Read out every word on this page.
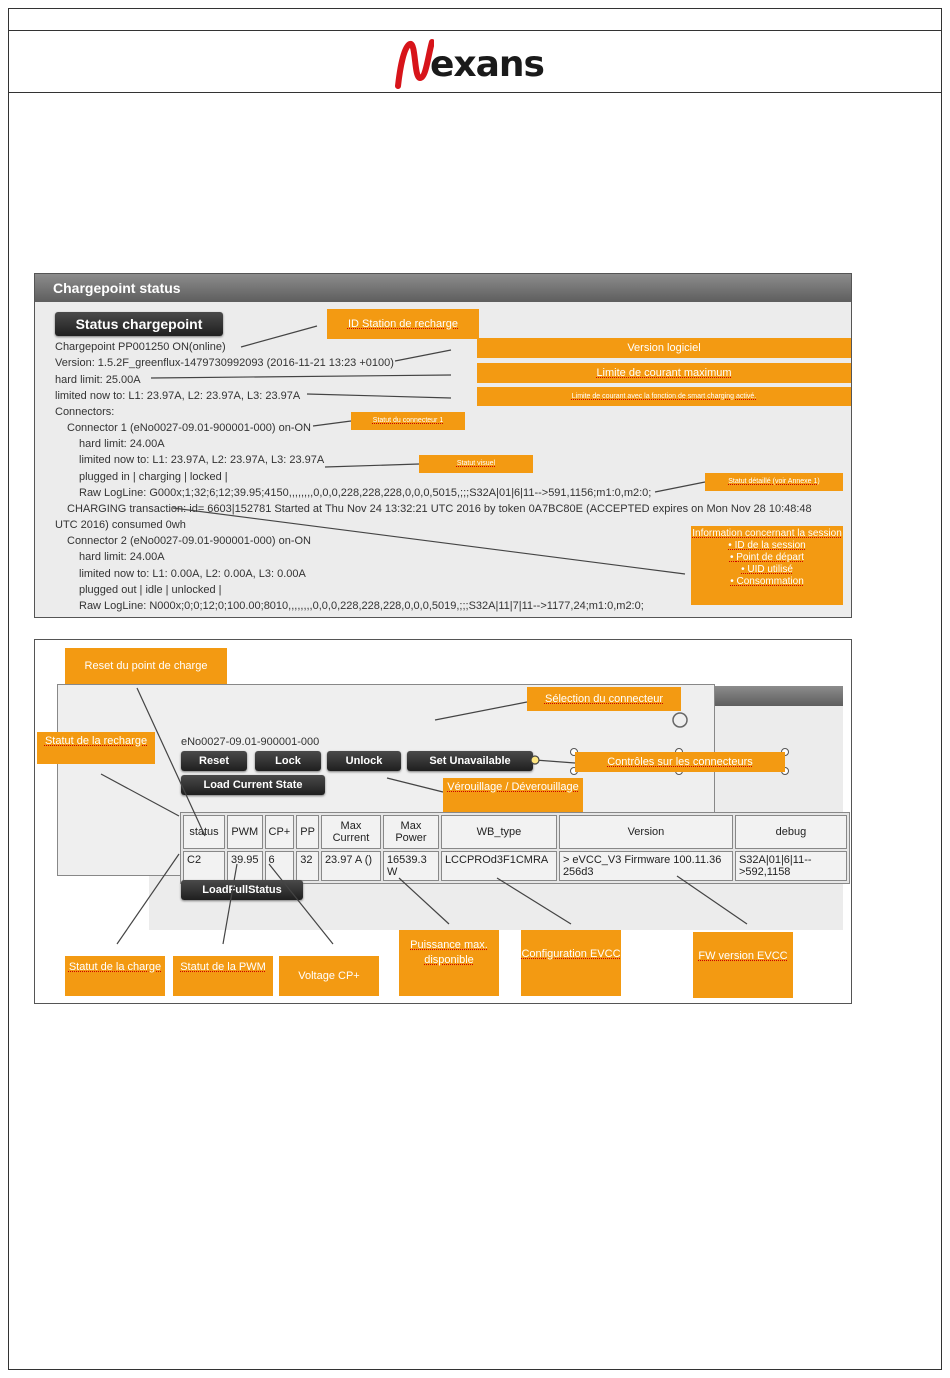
exans
Chargepoint status
Status chargepoint
Chargepoint PP001250 ON(online)
Version: 1.5.2F_greenflux-1479730992093 (2016-11-21 13:23 +0100)
hard limit: 25.00A
limited now to: L1: 23.97A, L2: 23.97A, L3: 23.97A
Connectors:
Connector 1 (eNo0027-09.01-900001-000) on-ON
hard limit: 24.00A
limited now to: L1: 23.97A, L2: 23.97A, L3: 23.97A
plugged in | charging | locked |
Raw LogLine: G000x;1;32;6;12;39.95;4150,,,,,,,,0,0,0,228,228,228,0,0,0,5015,;;;S32A|01|6|11-->591,1156;m1:0,m2:0;
CHARGING transaction: id= 6603|152781 Started at Thu Nov 24 13:32:21 UTC 2016 by token 0A7BC80E (ACCEPTED expires on Mon Nov 28 10:48:48
UTC 2016) consumed 0wh
Connector 2 (eNo0027-09.01-900001-000) on-ON
hard limit: 24.00A
limited now to: L1: 0.00A, L2: 0.00A, L3: 0.00A
plugged out | idle | unlocked |
Raw LogLine: N000x;0;0;12;0;100.00;8010,,,,,,,,0,0,0,228,228,228,0,0,0,5019,;;;S32A|11|7|11-->1177,24;m1:0,m2:0;
ID Station de recharge
Version logiciel
Limite de courant maximum
Limite de courant avec la fonction de smart charging activé.
Statut du connecteur 1
Statut visuel
Statut détaillé (voir Annexe 1)
Information concernant la session
• ID de la session
• Point de départ
• UID utilisé
• Consommation
eNo0027-09.01-900001-000
Reset	Lock	Unlock	Set Unavailable
Load Current State
status	PWM	CP+	PP	Max Current	Max Power	WB_type	Version	debug
C2	39.95	6	32	23.97 A ()	16539.3 W	LCCPROd3F1CMRA	> eVCC_V3 Firmware 100.11.36 256d3	S32A|01|6|11-->592,1158
LoadFullStatus
Reset du point de charge
Sélection du connecteur
Statut de la recharge
Contrôles sur les connecteurs
Vérouillage / Déverouillage
Statut de la charge	Statut de la PWM
Voltage CP+
Puissance max. disponible	Configuration EVCC	FW version EVCC
